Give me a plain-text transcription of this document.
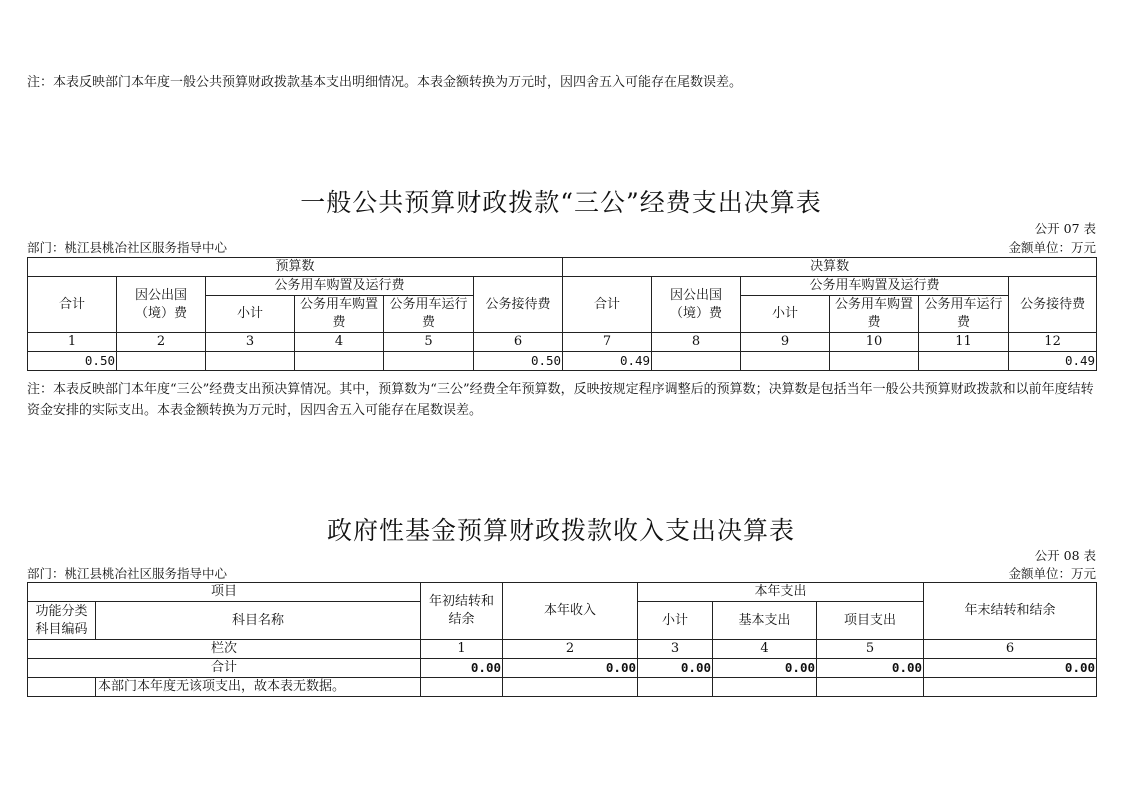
注：本表反映部门本年度一般公共预算财政拨款基本支出明细情况。本表金额转换为万元时，因四舍五入可能存在尾数误差。
一般公共预算财政拨款“三公”经费支出决算表
公开 07 表
部门：桃江县桃冶社区服务指导中心	金额单位：万元
预算数						决算数					
合计	因公出国（境）费	公务用车购置及运行费			公务接待费	合计	因公出国（境）费	公务用车购置及运行费			公务接待费
		小计	公务用车购置费	公务用车运行费				小计	公务用车购置费	公务用车运行费	
1	2	3	4	5	6	7	8	9	10	11	12
0.50					0.50	0.49					0.49
注：本表反映部门本年度“三公”经费支出预决算情况。其中，预算数为“三公”经费全年预算数，反映按规定程序调整后的预算数；决算数是包括当年一般公共预算财政拨款和以前年度结转资金安排的实际支出。本表金额转换为万元时，因四舍五入可能存在尾数误差。
政府性基金预算财政拨款收入支出决算表
公开 08 表
部门：桃江县桃冶社区服务指导中心	金额单位：万元
项目		年初结转和结余	本年收入	本年支出			年末结转和结余
功能分类科目编码	科目名称			小计	基本支出	项目支出	
栏次		1	2	3	4	5	6
合计		0.00	0.00	0.00	0.00	0.00	0.00
	本部门本年度无该项支出，故本表无数据。						
